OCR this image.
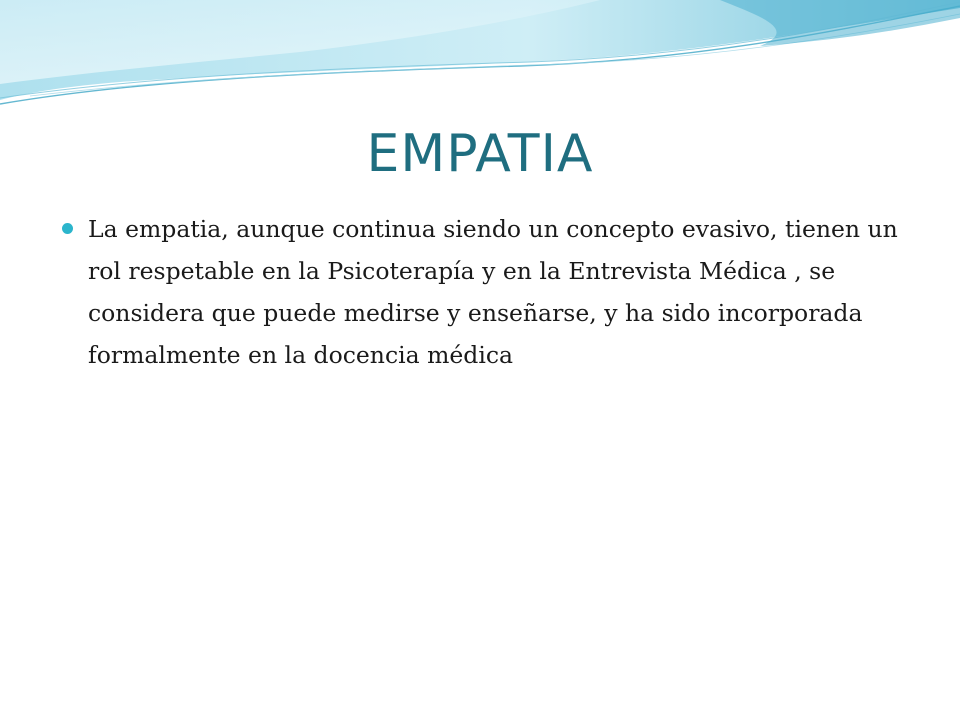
EMPATIA

La empatia, aunque continua siendo un concepto evasivo, tienen un rol respetable en la Psicoterapía y en la Entrevista Médica , se considera que puede medirse y enseñarse, y ha sido incorporada formalmente en la docencia médica
